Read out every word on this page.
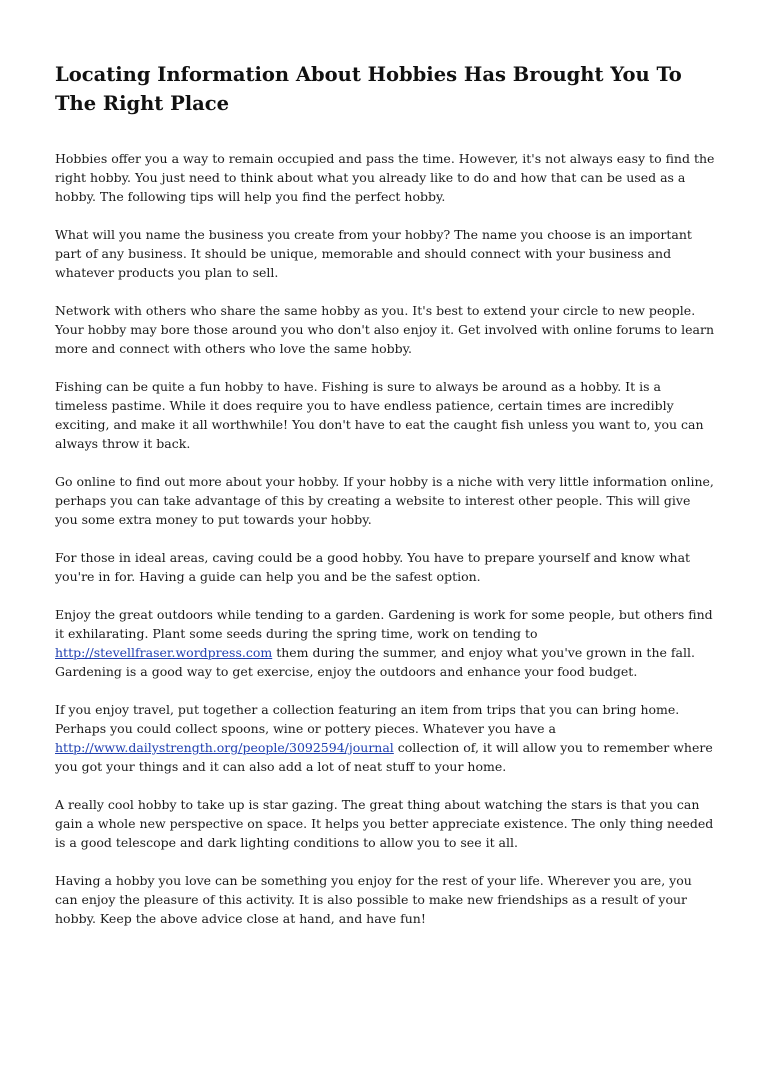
Locating Information About Hobbies Has Brought You To The Right Place

Hobbies offer you a way to remain occupied and pass the time. However, it's not always easy to find the right hobby. You just need to think about what you already like to do and how that can be used as a hobby. The following tips will help you find the perfect hobby.

What will you name the business you create from your hobby? The name you choose is an important part of any business. It should be unique, memorable and should connect with your business and whatever products you plan to sell.

Network with others who share the same hobby as you. It's best to extend your circle to new people. Your hobby may bore those around you who don't also enjoy it. Get involved with online forums to learn more and connect with others who love the same hobby.

Fishing can be quite a fun hobby to have. Fishing is sure to always be around as a hobby. It is a timeless pastime. While it does require you to have endless patience, certain times are incredibly exciting, and make it all worthwhile! You don't have to eat the caught fish unless you want to, you can always throw it back.

Go online to find out more about your hobby. If your hobby is a niche with very little information online, perhaps you can take advantage of this by creating a website to interest other people. This will give you some extra money to put towards your hobby.

For those in ideal areas, caving could be a good hobby. You have to prepare yourself and know what you're in for. Having a guide can help you and be the safest option.

Enjoy the great outdoors while tending to a garden. Gardening is work for some people, but others find it exhilarating. Plant some seeds during the spring time, work on tending to http://stevellfraser.wordpress.com them during the summer, and enjoy what you've grown in the fall. Gardening is a good way to get exercise, enjoy the outdoors and enhance your food budget.

If you enjoy travel, put together a collection featuring an item from trips that you can bring home. Perhaps you could collect spoons, wine or pottery pieces. Whatever you have a http://www.dailystrength.org/people/3092594/journal collection of, it will allow you to remember where you got your things and it can also add a lot of neat stuff to your home.

A really cool hobby to take up is star gazing. The great thing about watching the stars is that you can gain a whole new perspective on space. It helps you better appreciate existence. The only thing needed is a good telescope and dark lighting conditions to allow you to see it all.

Having a hobby you love can be something you enjoy for the rest of your life. Wherever you are, you can enjoy the pleasure of this activity. It is also possible to make new friendships as a result of your hobby. Keep the above advice close at hand, and have fun!
